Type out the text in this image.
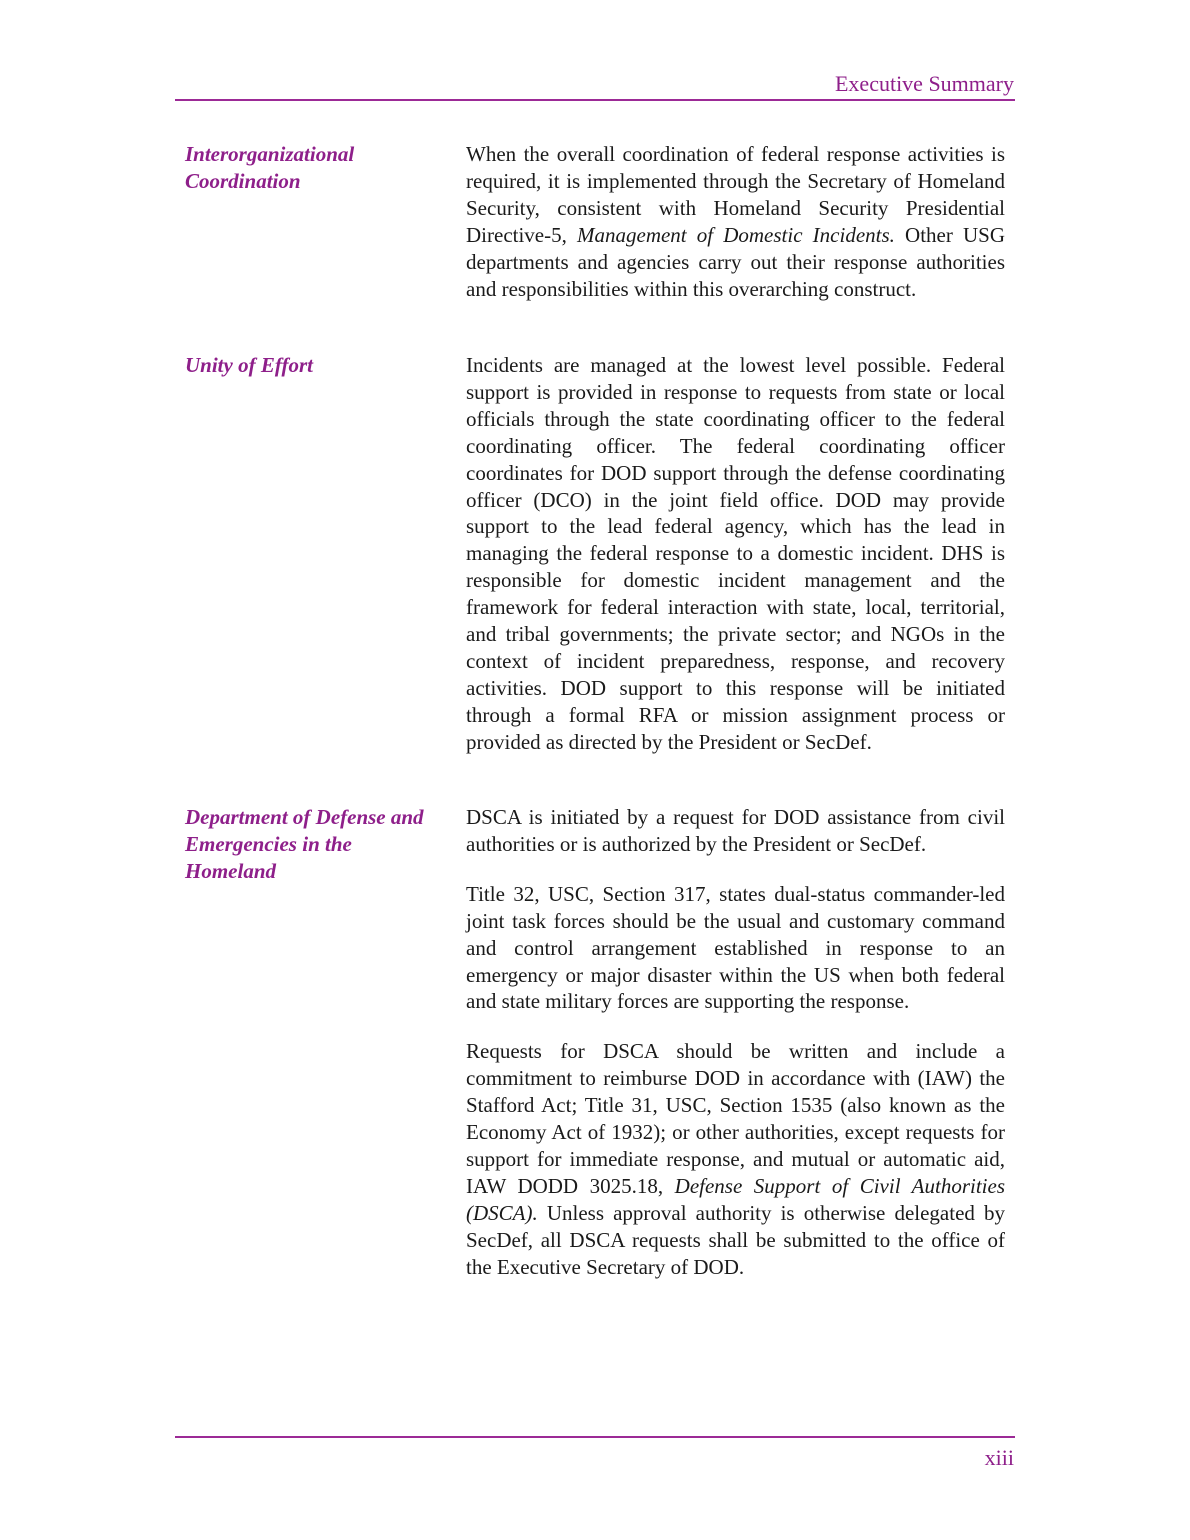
Executive Summary
Interorganizational Coordination

When the overall coordination of federal response activities is required, it is implemented through the Secretary of Homeland Security, consistent with Homeland Security Presidential Directive-5, Management of Domestic Incidents. Other USG departments and agencies carry out their response authorities and responsibilities within this overarching construct.

Unity of Effort	Incidents are managed at the lowest level possible. Federal support is provided in response to requests from state or local officials through the state coordinating officer to the federal coordinating officer. The federal coordinating officer coordinates for DOD support through the defense coordinating officer (DCO) in the joint field office. DOD may provide support to the lead federal agency, which has the lead in managing the federal response to a domestic incident. DHS is responsible for domestic incident management and the framework for federal interaction with state, local, territorial, and tribal governments; the private sector; and NGOs in the context of incident preparedness, response, and recovery activities. DOD support to this response will be initiated through a formal RFA or mission assignment process or provided as directed by the President or SecDef.

Department of Defense and Emergencies in the Homeland

DSCA is initiated by a request for DOD assistance from civil authorities or is authorized by the President or SecDef.

Title 32, USC, Section 317, states dual-status commander-led joint task forces should be the usual and customary command and control arrangement established in response to an emergency or major disaster within the US when both federal and state military forces are supporting the response.

Requests for DSCA should be written and include a commitment to reimburse DOD in accordance with (IAW) the Stafford Act; Title 31, USC, Section 1535 (also known as the Economy Act of 1932); or other authorities, except requests for support for immediate response, and mutual or automatic aid, IAW DODD 3025.18, Defense Support of Civil Authorities (DSCA). Unless approval authority is otherwise delegated by SecDef, all DSCA requests shall be submitted to the office of the Executive Secretary of DOD.

xiii
